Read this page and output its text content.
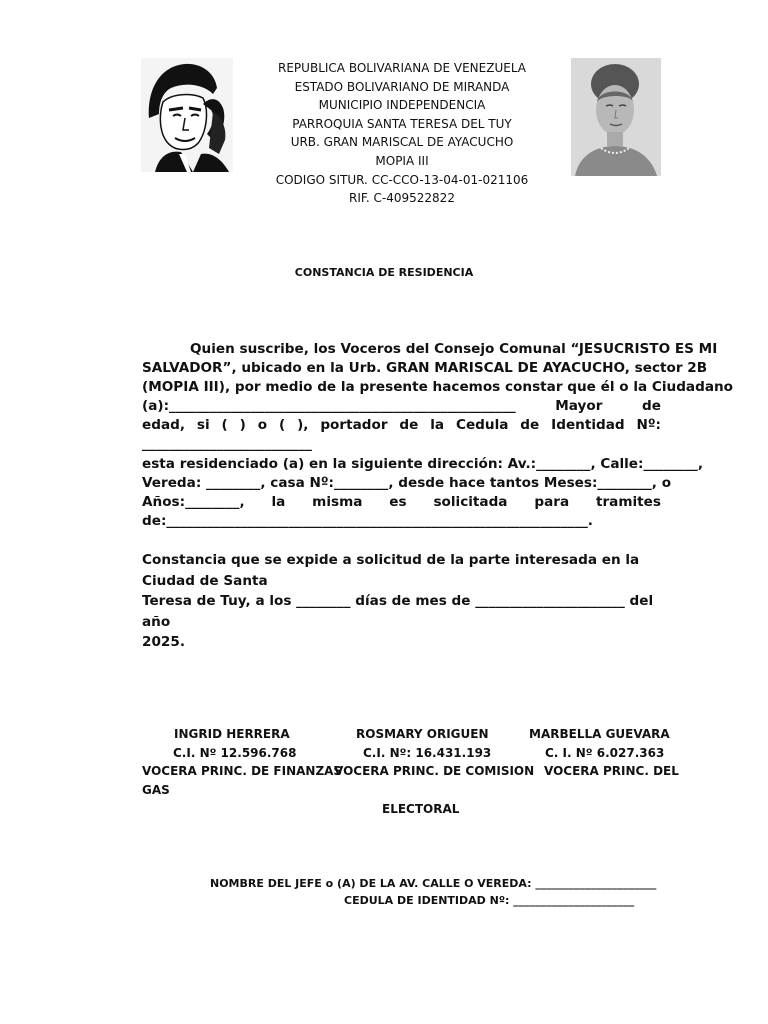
REPUBLICA BOLIVARIANA DE VENEZUELA
ESTADO BOLIVARIANO DE MIRANDA
MUNICIPIO INDEPENDENCIA
PARROQUIA SANTA TERESA DEL TUY
URB. GRAN MARISCAL DE AYACUCHO
MOPIA III
CODIGO SITUR. CC-CCO-13-04-01-021106
RIF. C-409522822
CONSTANCIA DE RESIDENCIA
Quien suscribe, los Voceros del Consejo Comunal “JESUCRISTO ES MI
SALVADOR”, ubicado en la Urb. GRAN MARISCAL DE AYACUCHO, sector 2B
(MOPIA III), por medio de la presente hacemos constar que él o la Ciudadano
(a):___________________________________________________ Mayor de
edad, si ( ) o ( ), portador de la Cedula de Identidad Nº:
_________________________
esta residenciado (a) en la siguiente dirección: Av.:________, Calle:________,
Vereda: ________, casa Nº:________, desde hace tantos Meses:________, o
Años:________, la misma es solicitada para tramites
de:______________________________________________________________.
Constancia que se expide a solicitud de la parte interesada en la Ciudad de Santa
Teresa de Tuy, a los ________ días de mes de ______________________ del año
2025.
INGRID HERRERA
C.I. Nº 12.596.768
VOCERA PRINC. DE FINANZAS
GAS
ROSMARY ORIGUEN
C.I. Nº: 16.431.193
VOCERA PRINC. DE COMISION
ELECTORAL
MARBELLA GUEVARA
C. I. Nº 6.027.363
VOCERA PRINC. DEL
NOMBRE DEL JEFE o (A) DE LA AV. CALLE O VEREDA: ______________________
CEDULA DE IDENTIDAD Nº: ______________________
